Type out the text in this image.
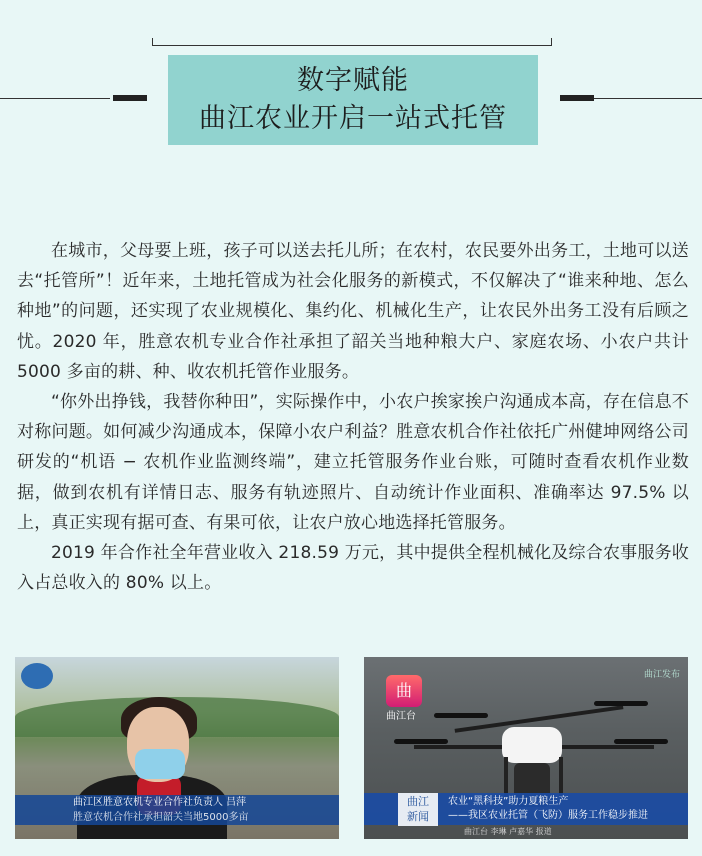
数字赋能
曲江农业开启一站式托管

在城市，父母要上班，孩子可以送去托儿所；在农村，农民要外出务工，土地可以送去“托管所”！近年来，土地托管成为社会化服务的新模式，不仅解决了“谁来种地、怎么种地”的问题，还实现了农业规模化、集约化、机械化生产，让农民外出务工没有后顾之忧。2020 年，胜意农机专业合作社承担了韶关当地种粮大户、家庭农场、小农户共计 5000 多亩的耕、种、收农机托管作业服务。

“你外出挣钱，我替你种田”，实际操作中，小农户挨家挨户沟通成本高，存在信息不对称问题。如何减少沟通成本，保障小农户利益？胜意农机合作社依托广州健坤网络公司研发的“机语 − 农机作业监测终端”，建立托管服务作业台账，可随时查看农机作业数据，做到农机有详情日志、服务有轨迹照片、自动统计作业面积、准确率达 97.5% 以上，真正实现有据可查、有果可依，让农户放心地选择托管服务。

2019 年合作社全年营业收入 218.59 万元，其中提供全程机械化及综合农事服务收入占总收入的 80% 以上。

曲江区胜意农机专业合作社负责人 吕萍
胜意农机合作社承担韶关当地5000多亩
曲
曲江台
曲江发布
曲江
新闻
农业“黑科技”助力夏粮生产
——我区农业托管（飞防）服务工作稳步推进
曲江台 李琳 卢嘉华 报道
